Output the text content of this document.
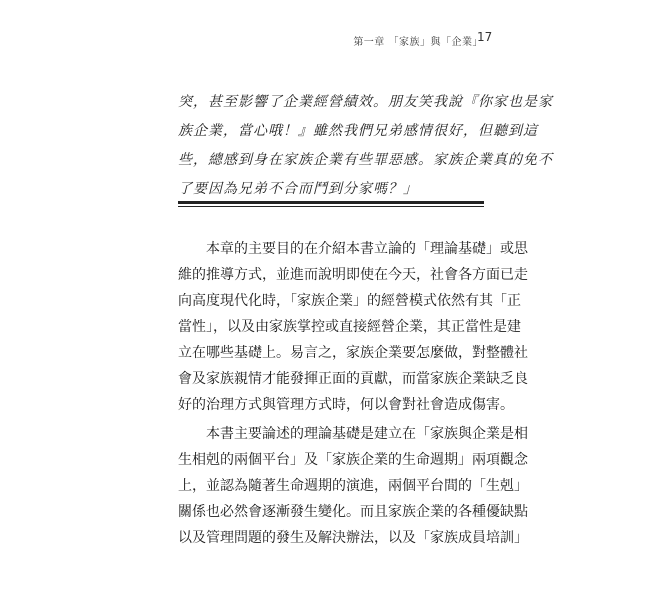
第一章 「家族」與「企業」
17
突，甚至影響了企業經營績效。朋友笑我說『你家也是家
族企業，當心哦！』雖然我們兄弟感情很好，但聽到這
些，總感到身在家族企業有些罪惡感。家族企業真的免不
了要因為兄弟不合而鬥到分家嗎？」
　　本章的主要目的在介紹本書立論的「理論基礎」或思
維的推導方式，並進而說明即使在今天，社會各方面已走
向高度現代化時，「家族企業」的經營模式依然有其「正
當性」，以及由家族掌控或直接經營企業，其正當性是建
立在哪些基礎上。易言之，家族企業要怎麼做，對整體社
會及家族親情才能發揮正面的貢獻，而當家族企業缺乏良
好的治理方式與管理方式時，何以會對社會造成傷害。
　　本書主要論述的理論基礎是建立在「家族與企業是相
生相剋的兩個平台」及「家族企業的生命週期」兩項觀念
上，並認為隨著生命週期的演進，兩個平台間的「生剋」
關係也必然會逐漸發生變化。而且家族企業的各種優缺點
以及管理問題的發生及解決辦法，以及「家族成員培訓」
